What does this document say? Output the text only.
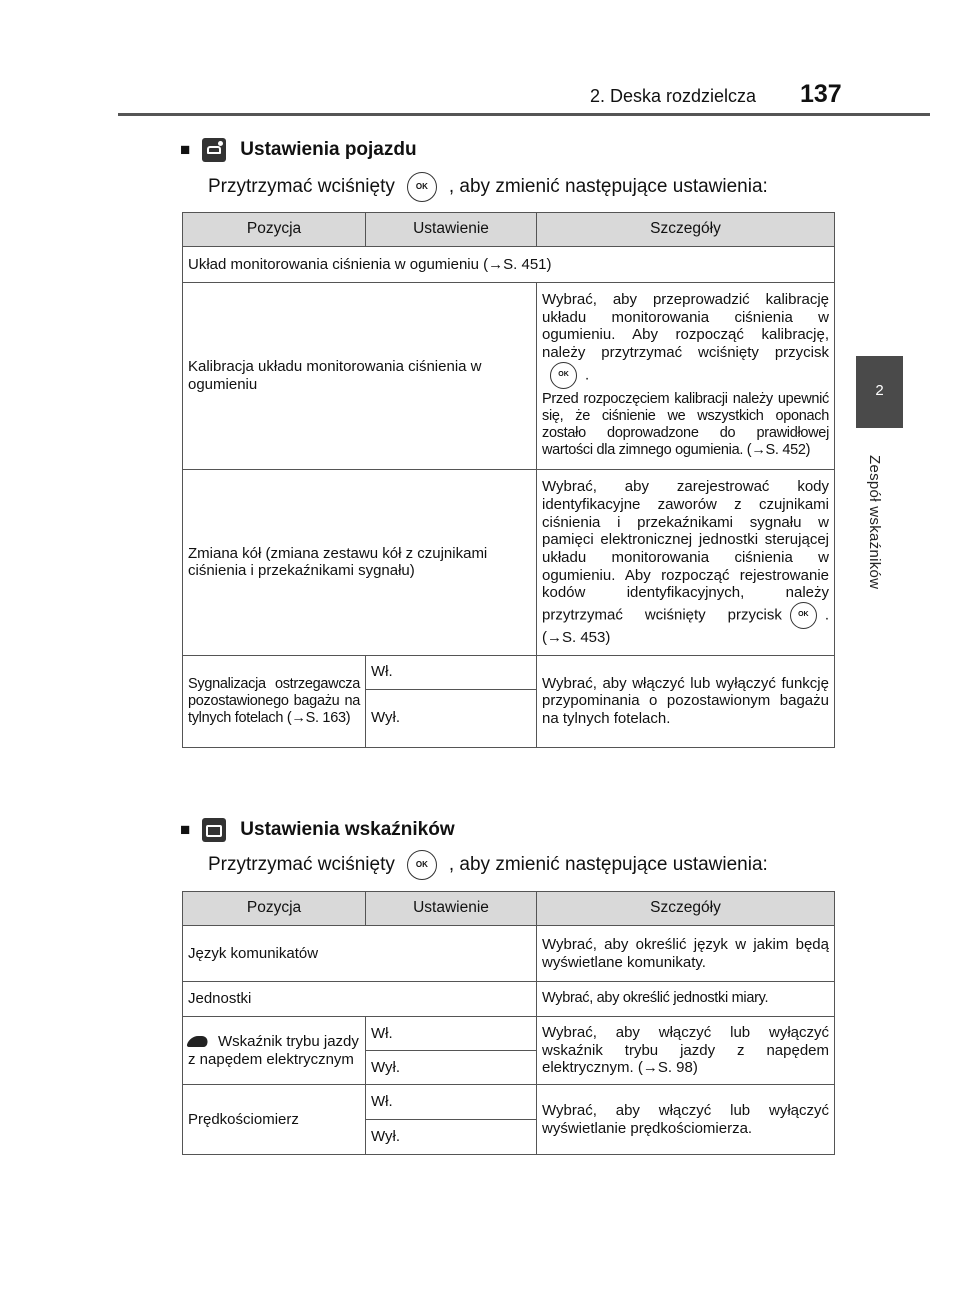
2. Deska rozdzielcza 137
2
Zespół wskaźników
■	Ustawienia pojazdu
Przytrzymać wciśnięty	OK	, aby zmienić następujące ustawienia:
Pozycja	Ustawienie	Szczegóły
Układ monitorowania ciśnienia w ogumieniu (→S. 451)		
Kalibracja układu monitorowania ciśnienia w ogumieniu		Wybrać, aby przeprowadzić kalibrację układu monitorowania ciśnienia w ogumieniu. Aby rozpocząć kalibrację, należy przytrzymać wciśnięty przyciskOK .
Przed rozpoczęciem kalibracji należy upewnić się, że ciśnienie we wszystkich oponach zostało doprowadzone do prawidłowej wartości dla zimnego ogumienia. (→S. 452)

Zmiana kół (zmiana zestawu kół z czujnikami ciśnienia i przekaźnikami sygnału)		Wybrać, aby zarejestrować kody identyfikacyjne zaworów z czujnikami ciśnienia i przekaźnikami sygnału w pamięci elektronicznej jednostki sterującej układu monitorowania ciśnienia w ogumieniu. Aby rozpocząć rejestrowanie kodów identyfikacyjnych, należy przytrzymać wciśnięty przycisk OK . (→S. 453)
Sygnalizacja ostrzegawcza pozostawionego bagażu na tylnych fotelach (→S. 163)	Wł.	Wybrać, aby włączyć lub wyłączyć funkcję przypominania o pozostawionym bagażu na tylnych fotelach.
	Wył.	
■	Ustawienia wskaźników
Przytrzymać wciśnięty	OK	, aby zmienić następujące ustawienia:
Pozycja	Ustawienie	Szczegóły
Język komunikatów		Wybrać, aby określić język w jakim będą wyświetlane komunikaty.
Jednostki		Wybrać, aby określić jednostki miary.
Wskaźnik trybu jazdy z napędem elektrycznym	Wł.	Wybrać, aby włączyć lub wyłączyć wskaźnik trybu jazdy z napędem elektrycznym. (→S. 98)
	Wył.	
Prędkościomierz	Wł.	Wybrać, aby włączyć lub wyłączyć wyświetlanie prędkościomierza.
	Wył.	
